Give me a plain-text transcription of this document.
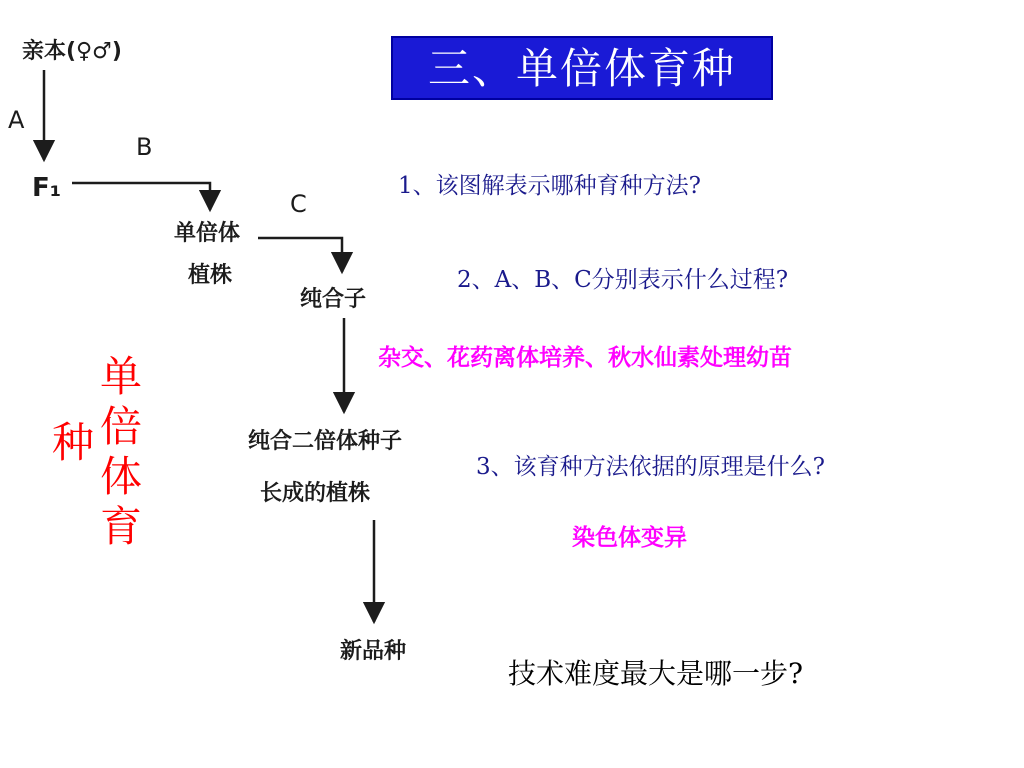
三、单倍体育种
亲本(♀♂)
A
F₁
B
单倍体
植株
C
纯合子
纯合二倍体种子
长成的植株
新品种
单
倍
体
育
种
1、该图解表示哪种育种方法?
2、A、B、C分别表示什么过程?
杂交、花药离体培养、秋水仙素处理幼苗
3、该育种方法依据的原理是什么?
染色体变异
技术难度最大是哪一步?
